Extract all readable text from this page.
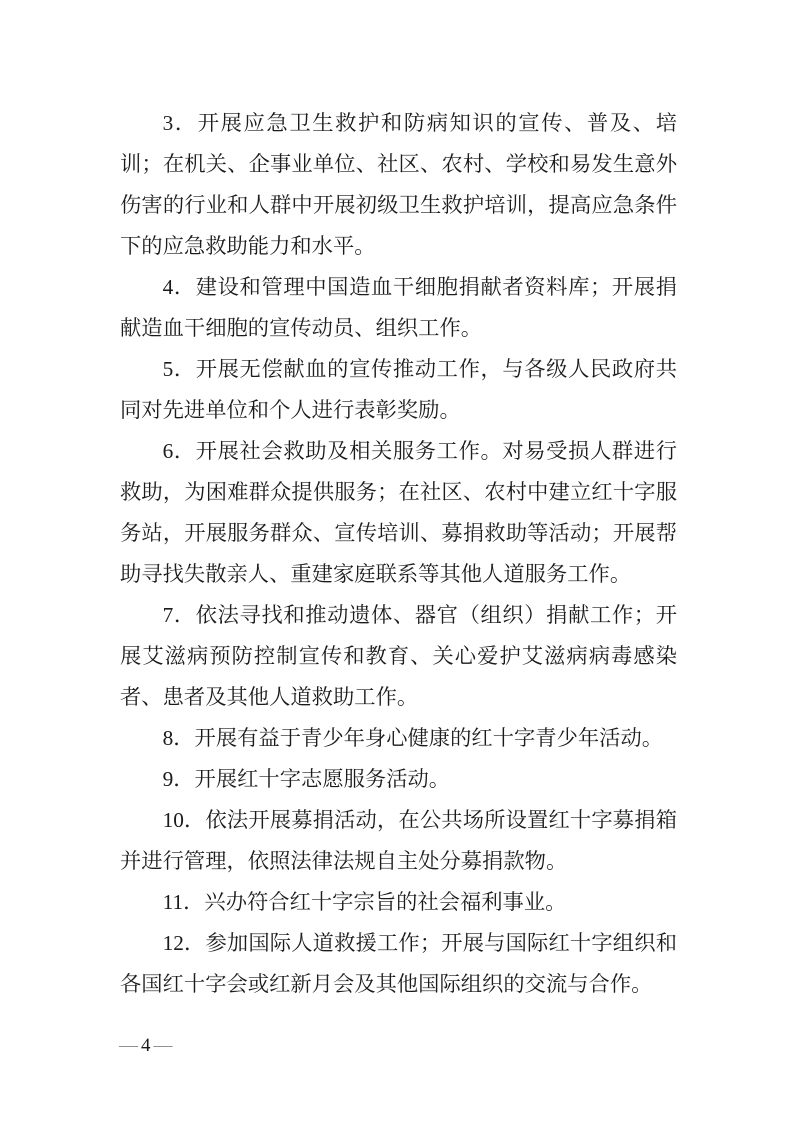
3．开展应急卫生救护和防病知识的宣传、普及、培训；在机关、企事业单位、社区、农村、学校和易发生意外伤害的行业和人群中开展初级卫生救护培训，提高应急条件下的应急救助能力和水平。

4．建设和管理中国造血干细胞捐献者资料库；开展捐献造血干细胞的宣传动员、组织工作。

5．开展无偿献血的宣传推动工作，与各级人民政府共同对先进单位和个人进行表彰奖励。

6．开展社会救助及相关服务工作。对易受损人群进行救助，为困难群众提供服务；在社区、农村中建立红十字服务站，开展服务群众、宣传培训、募捐救助等活动；开展帮助寻找失散亲人、重建家庭联系等其他人道服务工作。

7．依法寻找和推动遗体、器官（组织）捐献工作；开展艾滋病预防控制宣传和教育、关心爱护艾滋病病毒感染者、患者及其他人道救助工作。

8．开展有益于青少年身心健康的红十字青少年活动。

9．开展红十字志愿服务活动。

10．依法开展募捐活动，在公共场所设置红十字募捐箱并进行管理，依照法律法规自主处分募捐款物。

11．兴办符合红十字宗旨的社会福利事业。

12．参加国际人道救援工作；开展与国际红十字组织和各国红十字会或红新月会及其他国际组织的交流与合作。

— 4 —
